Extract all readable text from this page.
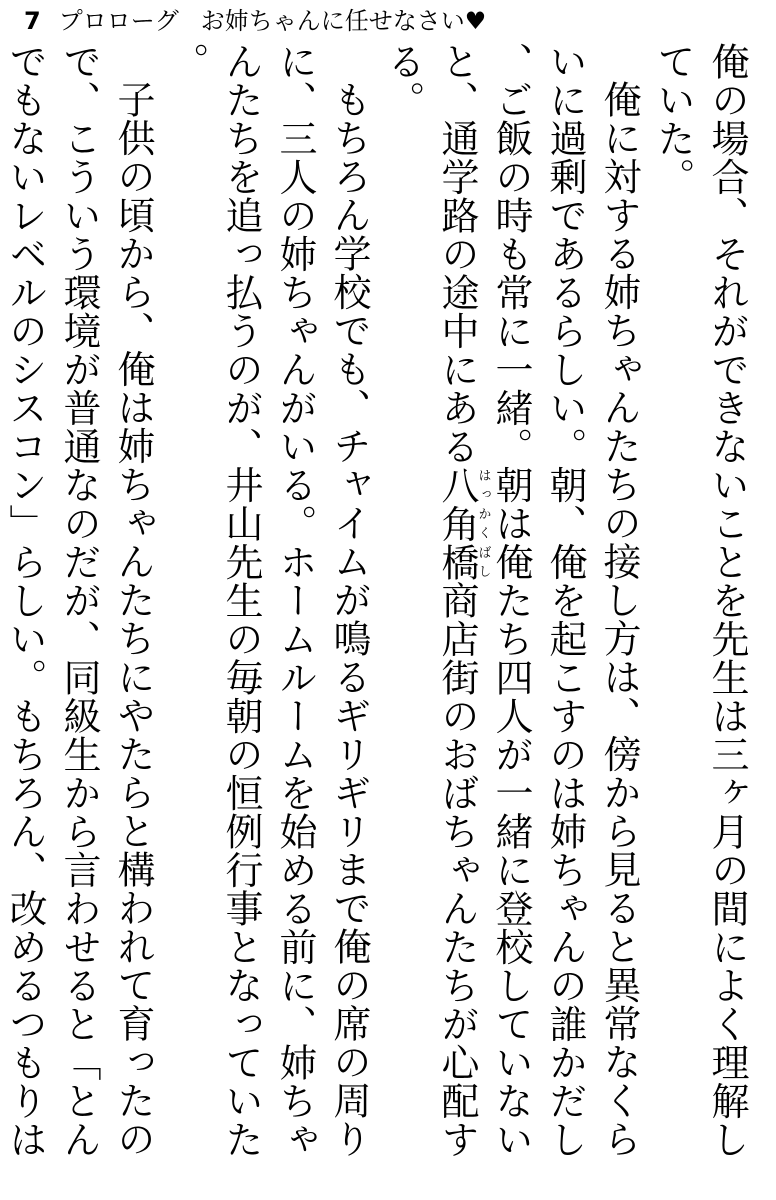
7 プロローグ お姉ちゃんに任せなさい♥

俺の場合、それができないことを先生は三ヶ月の間によく理解していた。

俺に対する姉ちゃんたちの接し方は、傍から見ると異常なくらいに過剰であるらしい。朝、俺を起こすのは姉ちゃんの誰かだし、ご飯の時も常に一緒。朝は俺たち四人が一緒に登校していないと、通学路の途中にある八角橋はっかくばし商店街のおばちゃんたちが心配する。

もちろん学校でも、チャイムが鳴るギリギリまで俺の席の周りに、三人の姉ちゃんがいる。ホームルームを始める前に、姉ちゃんたちを追っ払うのが、井山先生の毎朝の恒例行事となっていた。

子供の頃から、俺は姉ちゃんたちにやたらと構われて育ったので、こういう環境が普通なのだが、同級生から言わせると「とんでもないレベルのシスコン」らしい。もちろん、改めるつもりは
